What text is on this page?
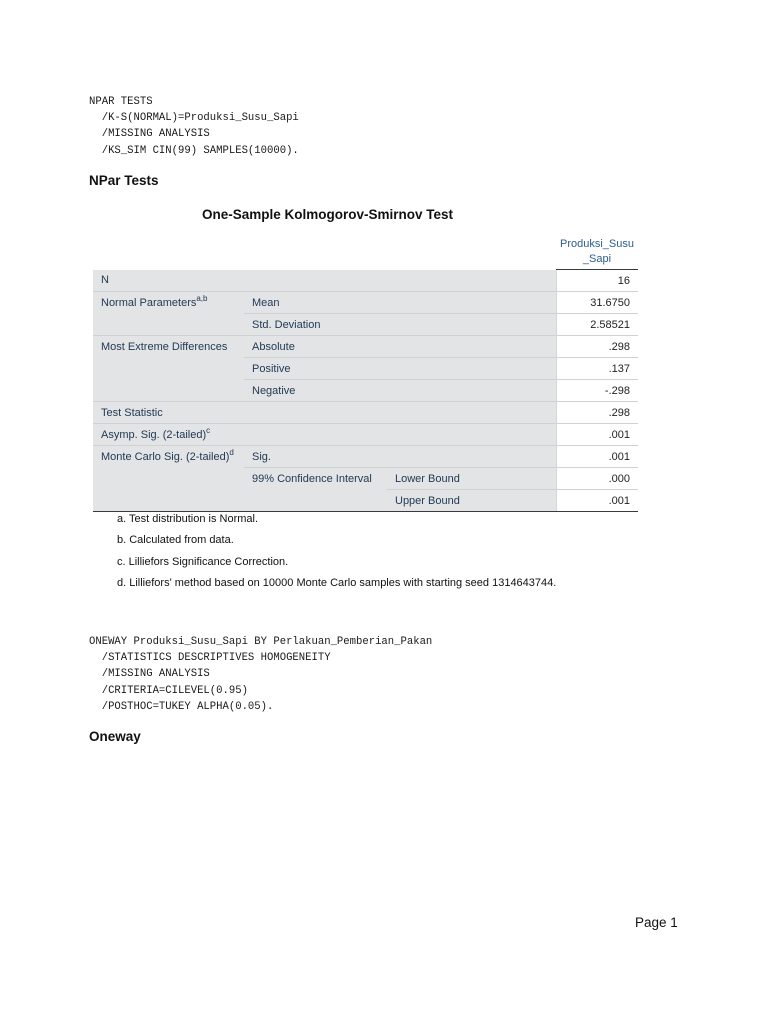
NPAR TESTS
/K-S(NORMAL)=Produksi_Susu_Sapi
/MISSING ANALYSIS
/KS_SIM CIN(99) SAMPLES(10000).
NPar Tests
One-Sample Kolmogorov-Smirnov Test
				Produksi_Susu
_Sapi
N				16
Normal Parameters$^{a,b}$	Mean			31.6750
	Std. Deviation			2.58521
Most Extreme Differences	Absolute			.298
	Positive			.137
	Negative			-.298
Test Statistic				.298
Asymp. Sig. (2-tailed)$^c$				.001
Monte Carlo Sig. (2-tailed)$^d$	Sig.			.001
	99% Confidence Interval	Lower Bound		.000
		Upper Bound		.001
a. Test distribution is Normal.
b. Calculated from data.
c. Lilliefors Significance Correction.
d. Lilliefors' method based on 10000 Monte Carlo samples with starting seed 1314643744.
ONEWAY Produksi_Susu_Sapi BY Perlakuan_Pemberian_Pakan
/STATISTICS DESCRIPTIVES HOMOGENEITY
/MISSING ANALYSIS
/CRITERIA=CILEVEL(0.95)
/POSTHOC=TUKEY ALPHA(0.05).
Oneway
Page 1
